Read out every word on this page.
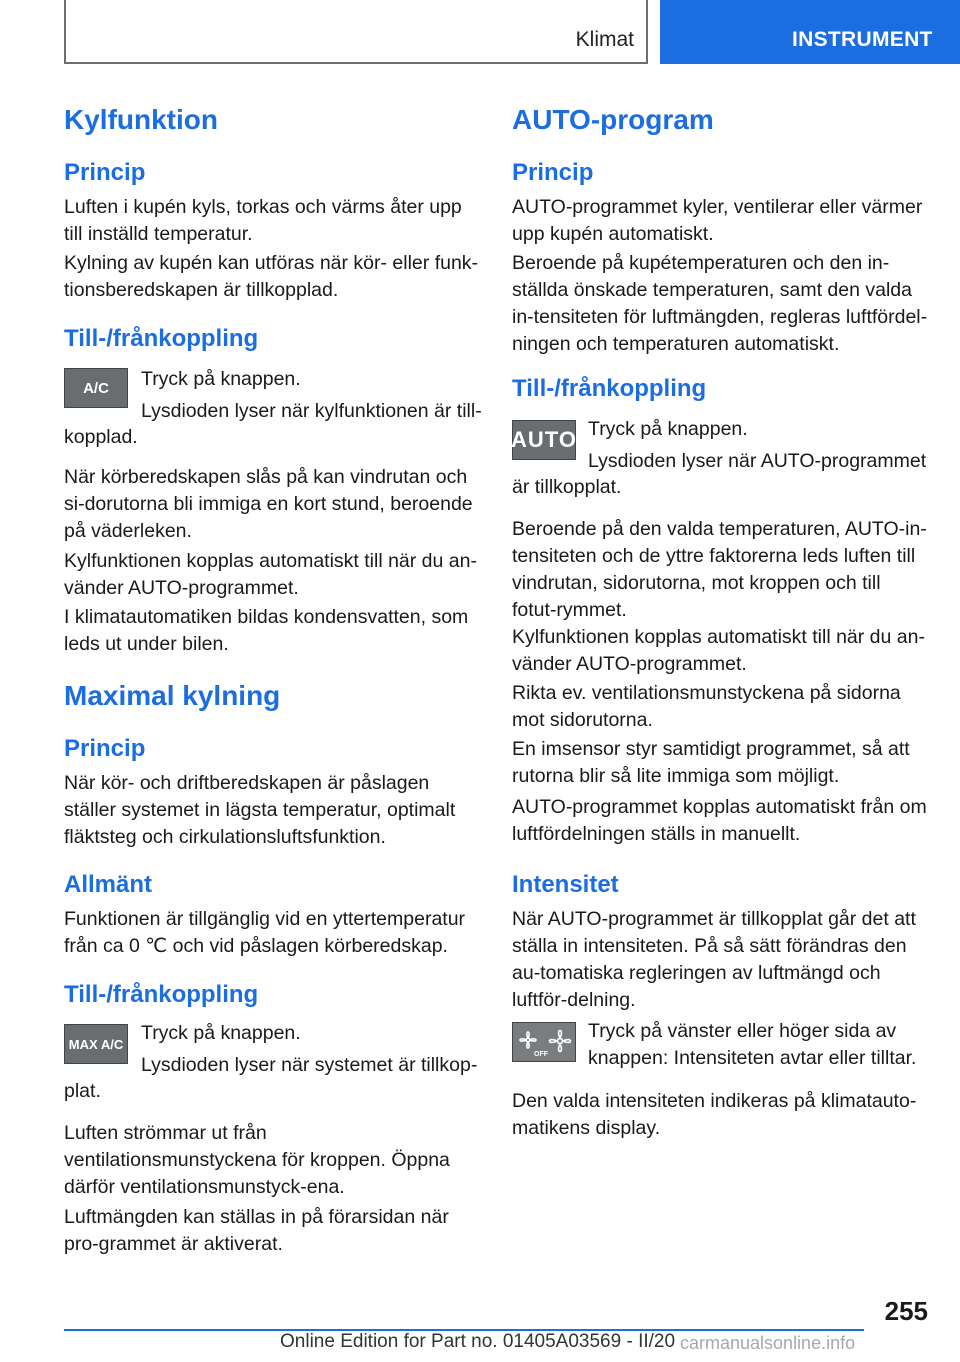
Klimat	INSTRUMENT
Kylfunktion
Princip

Luften i kupén kyls, torkas och värms åter upp till inställd temperatur.

Kylning av kupén kan utföras när kör- eller funk-tionsberedskapen är tillkopplad.

Till-/frånkoppling
A/C	Tryck på knappen.

Lysdioden lyser när kylfunktionen är till-

kopplad.

När körberedskapen slås på kan vindrutan och si-dorutorna bli immiga en kort stund, beroende på väderleken.

Kylfunktionen kopplas automatiskt till när du an-vänder AUTO-programmet.

I klimatautomatiken bildas kondensvatten, som leds ut under bilen.

Maximal kylning
Princip

När kör- och driftberedskapen är påslagen ställer systemet in lägsta temperatur, optimalt fläktsteg och cirkulationsluftsfunktion.

Allmänt

Funktionen är tillgänglig vid en yttertemperatur från ca 0 ℃ och vid påslagen körberedskap.

Till-/frånkoppling
MAX A/C Tryck på knappen.

Lysdioden lyser när systemet är tillkop-

plat.

Luften strömmar ut från ventilationsmunstyckena för kroppen. Öppna därför ventilationsmunstyck-ena.

Luftmängden kan ställas in på förarsidan när pro-grammet är aktiverat.

AUTO-program
Princip

AUTO-programmet kyler, ventilerar eller värmer upp kupén automatiskt.

Beroende på kupétemperaturen och den in-ställda önskade temperaturen, samt den valda in-tensiteten för luftmängden, regleras luftfördel-ningen och temperaturen automatiskt.

Till-/frånkoppling
AUTO Tryck på knappen.

Lysdioden lyser när AUTO-programmet

är tillkopplat.

Beroende på den valda temperaturen, AUTO-in-tensiteten och de yttre faktorerna leds luften till vindrutan, sidorutorna, mot kroppen och till fotut-rymmet.

Kylfunktionen kopplas automatiskt till när du an-vänder AUTO-programmet.

Rikta ev. ventilationsmunstyckena på sidorna mot sidorutorna.

En imsensor styr samtidigt programmet, så att rutorna blir så lite immiga som möjligt.

AUTO-programmet kopplas automatiskt från om luftfördelningen ställs in manuellt.

Intensitet

När AUTO-programmet är tillkopplat går det att ställa in intensiteten. På så sätt förändras den au-tomatiska regleringen av luftmängd och luftför-delning.

OFF

Tryck på vänster eller höger sida av knappen: Intensiteten avtar eller tilltar.

Den valda intensiteten indikeras på klimatauto-matikens display.

255
Online Edition for Part no. 01405A03569 - II/20 carmanualsonline.info
